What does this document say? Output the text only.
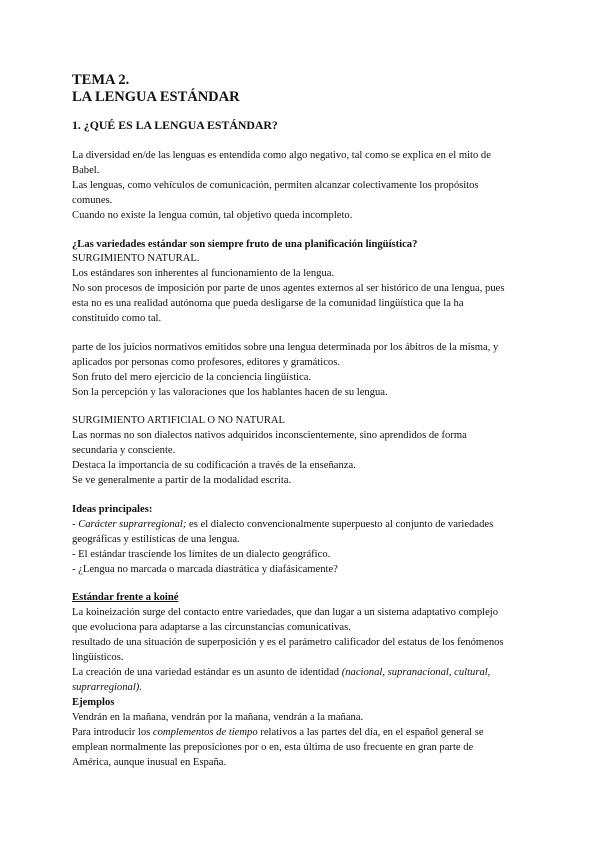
TEMA 2.
LA LENGUA ESTÁNDAR
1. ¿QUÉ ES LA LENGUA ESTÁNDAR?
La diversidad en/de las lenguas es entendida como algo negativo, tal como se explica en el mito de
Babel.
Las lenguas, como vehículos de comunicación, permiten alcanzar colectivamente los propósitos
comunes.
Cuando no existe la lengua común, tal objetivo queda incompleto.
¿Las variedades estándar son siempre fruto de una planificación lingüística?
SURGIMIENTO NATURAL.
Los estándares son inherentes al funcionamiento de la lengua.
No son procesos de imposición por parte de unos agentes externos al ser histórico de una lengua, pues
esta no es una realidad autónoma que pueda desligarse de la comunidad lingüística que la ha
constituido como tal.
parte de los juicios normativos emitidos sobre una lengua determinada por los ábitros de la misma, y
aplicados por personas como profesores, editores y gramáticos.
Son fruto del mero ejercicio de la conciencia lingüística.
Son la percepción y las valoraciones que los hablantes hacen de su lengua.
SURGIMIENTO ARTIFICIAL O NO NATURAL
Las normas no son dialectos nativos adquiridos inconscientemente, sino aprendidos de forma
secundaria y consciente.
Destaca la importancia de su codificación a través de la enseñanza.
Se ve generalmente a partir de la modalidad escrita.
Ideas principales:
- Carácter suprarregional; es el dialecto convencionalmente superpuesto al conjunto de variedades
geográficas y estilísticas de una lengua.
- El estándar trasciende los límites de un dialecto geográfico.
- ¿Lengua no marcada o marcada diastrática y diafásicamente?
Estándar frente a koiné
La koineización surge del contacto entre variedades, que dan lugar a un sistema adaptativo complejo
que evoluciona para adaptarse a las circunstancias comunicativas.
resultado de una situación de superposición y es el parámetro calificador del estatus de los fenómenos
lingüísticos.
La creación de una variedad estándar es un asunto de identidad (nacional, supranacional, cultural,
suprarregional).
Ejemplos
Vendrán en la mañana, vendrán por la mañana, vendrán a la mañana.
Para introducir los complementos de tiempo relativos a las partes del día, en el español general se
emplean normalmente las preposiciones por o en, esta última de uso frecuente en gran parte de
América, aunque inusual en España.
